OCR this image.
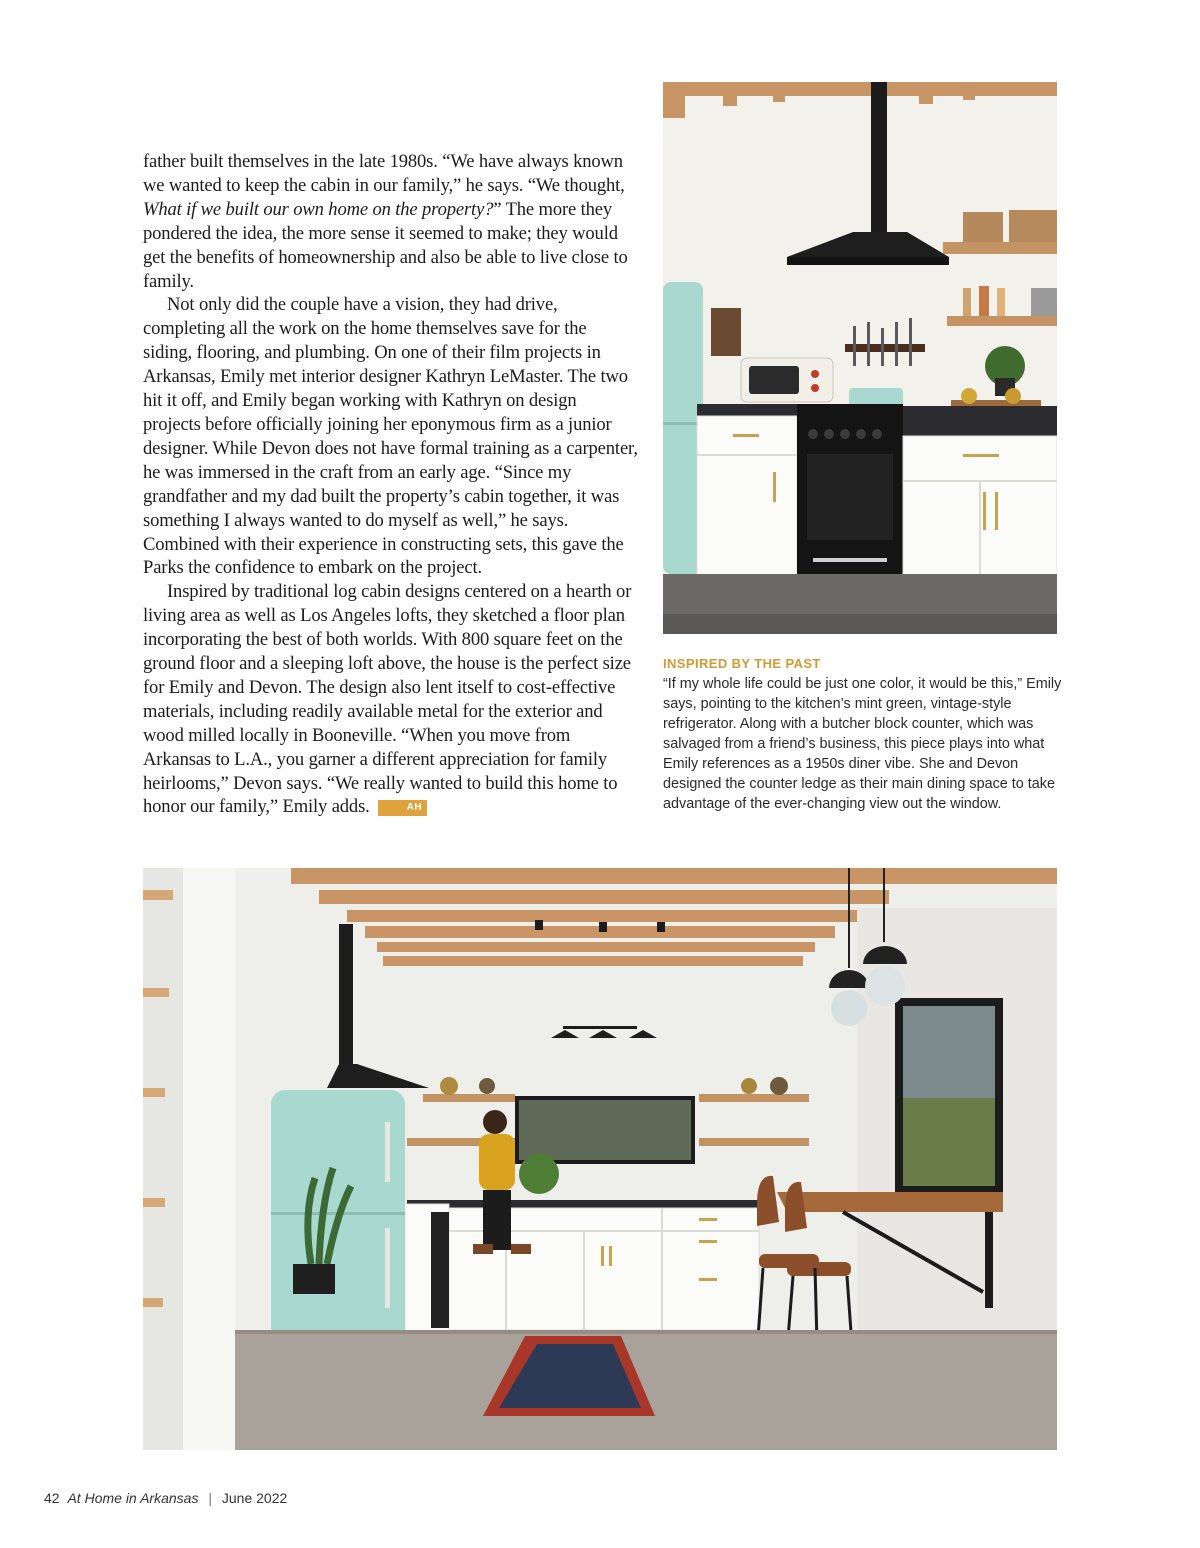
father built themselves in the late 1980s. “We have always known we wanted to keep the cabin in our family,” he says. “We thought, What if we built our own home on the property?” The more they pondered the idea, the more sense it seemed to make; they would get the benefits of homeownership and also be able to live close to family.

Not only did the couple have a vision, they had drive, completing all the work on the home themselves save for the siding, flooring, and plumbing. On one of their film projects in Arkansas, Emily met interior designer Kathryn LeMaster. The two hit it off, and Emily began working with Kathryn on design projects before officially joining her eponymous firm as a junior designer. While Devon does not have formal training as a carpenter, he was immersed in the craft from an early age. “Since my grandfather and my dad built the property’s cabin together, it was something I always wanted to do myself as well,” he says. Combined with their experience in constructing sets, this gave the Parks the confidence to embark on the project.

Inspired by traditional log cabin designs centered on a hearth or living area as well as Los Angeles lofts, they sketched a floor plan incorporating the best of both worlds. With 800 square feet on the ground floor and a sleeping loft above, the house is the perfect size for Emily and Devon. The design also lent itself to cost-effective materials, including readily available metal for the exterior and wood milled locally in Booneville. “When you move from Arkansas to L.A., you garner a different appreciation for family heirlooms,” Devon says. “We really wanted to build this home to honor our family,” Emily adds.	AH

INSPIRED BY THE PAST

“If my whole life could be just one color, it would be this,” Emily says, pointing to the kitchen’s mint green, vintage-style refrigerator. Along with a butcher block counter, which was salvaged from a friend’s business, this piece plays into what Emily references as a 1950s diner vibe. She and Devon designed the counter ledge as their main dining space to take advantage of the ever-changing view out the window.

42 At Home in Arkansas | June 2022
